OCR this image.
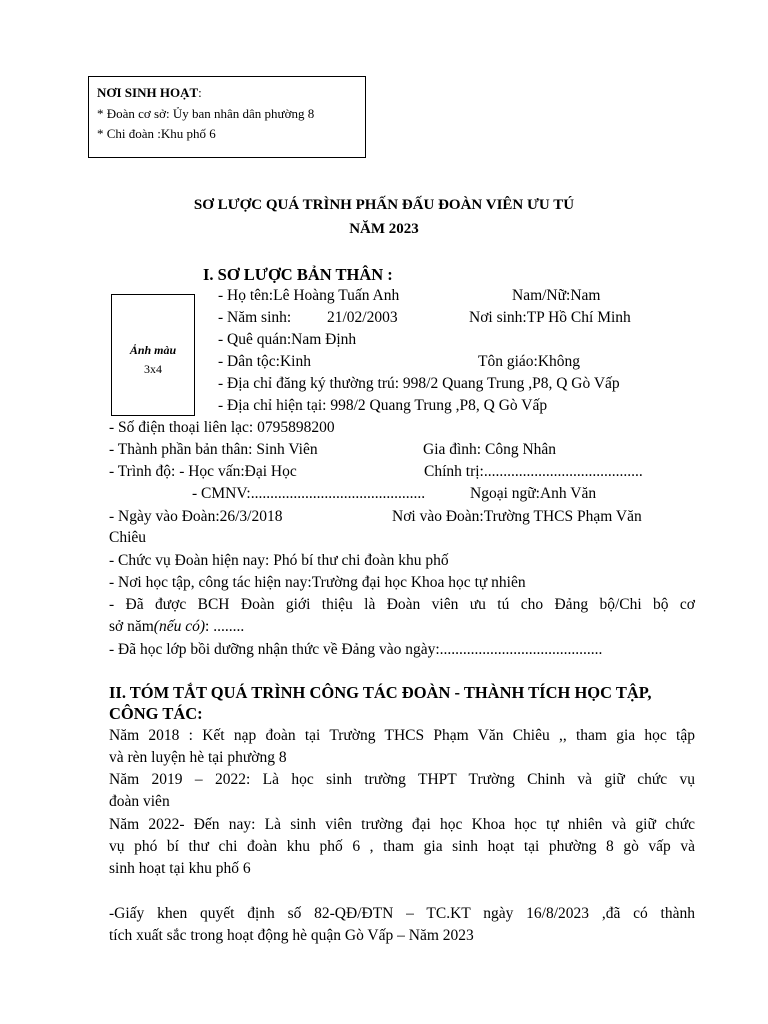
NƠI SINH HOẠT:
* Đoàn cơ sở: Ủy ban nhân dân phường 8
* Chi đoàn :Khu phố 6
SƠ LƯỢC QUÁ TRÌNH PHẤN ĐẤU ĐOÀN VIÊN ƯU TÚ
NĂM 2023
I. SƠ LƯỢC BẢN THÂN :
Ảnh màu
3x4
- Họ tên:Lê Hoàng Tuấn Anh	Nam/Nữ:Nam
- Năm sinh: 21/02/2003	Nơi sinh:TP Hồ Chí Minh
- Quê quán:Nam Định
- Dân tộc:Kinh	Tôn giáo:Không
- Địa chỉ đăng ký thường trú: 998/2 Quang Trung ,P8, Q Gò Vấp
- Địa chỉ hiện tại: 998/2 Quang Trung ,P8, Q Gò Vấp
- Số điện thoại liên lạc: 0795898200
- Thành phần bản thân: Sinh Viên	Gia đình: Công Nhân
- Trình độ: - Học vấn:Đại Học	Chính trị:.........................................
- CMNV:.............................................	Ngoại ngữ:Anh Văn
- Ngày vào Đoàn:26/3/2018	Nơi vào Đoàn:Trường THCS Phạm Văn
Chiêu
- Chức vụ Đoàn hiện nay: Phó bí thư chi đoàn khu phố
- Nơi học tập, công tác hiện nay:Trường đại học Khoa học tự nhiên
- Đã được BCH Đoàn giới thiệu là Đoàn viên ưu tú cho Đảng bộ/Chi bộ cơ
sở năm(nếu có): ........
- Đã học lớp bồi dưỡng nhận thức về Đảng vào ngày:..........................................
II. TÓM TẮT QUÁ TRÌNH CÔNG TÁC ĐOÀN - THÀNH TÍCH HỌC TẬP,
CÔNG TÁC:
Năm 2018 : Kết nạp đoàn tại Trường THCS Phạm Văn Chiêu ,, tham gia học tập
và rèn luyện hè tại phường 8
Năm 2019 – 2022: Là học sinh trường THPT Trường Chinh và giữ chức vụ
đoàn viên
Năm 2022- Đến nay: Là sinh viên trường đại học Khoa học tự nhiên và giữ chức
vụ phó bí thư chi đoàn khu phố 6 , tham gia sinh hoạt tại phường 8 gò vấp và
sinh hoạt tại khu phố 6
-Giấy khen quyết định số 82-QĐ/ĐTN – TC.KT ngày 16/8/2023 ,đã có thành
tích xuất sắc trong hoạt động hè quận Gò Vấp – Năm 2023
